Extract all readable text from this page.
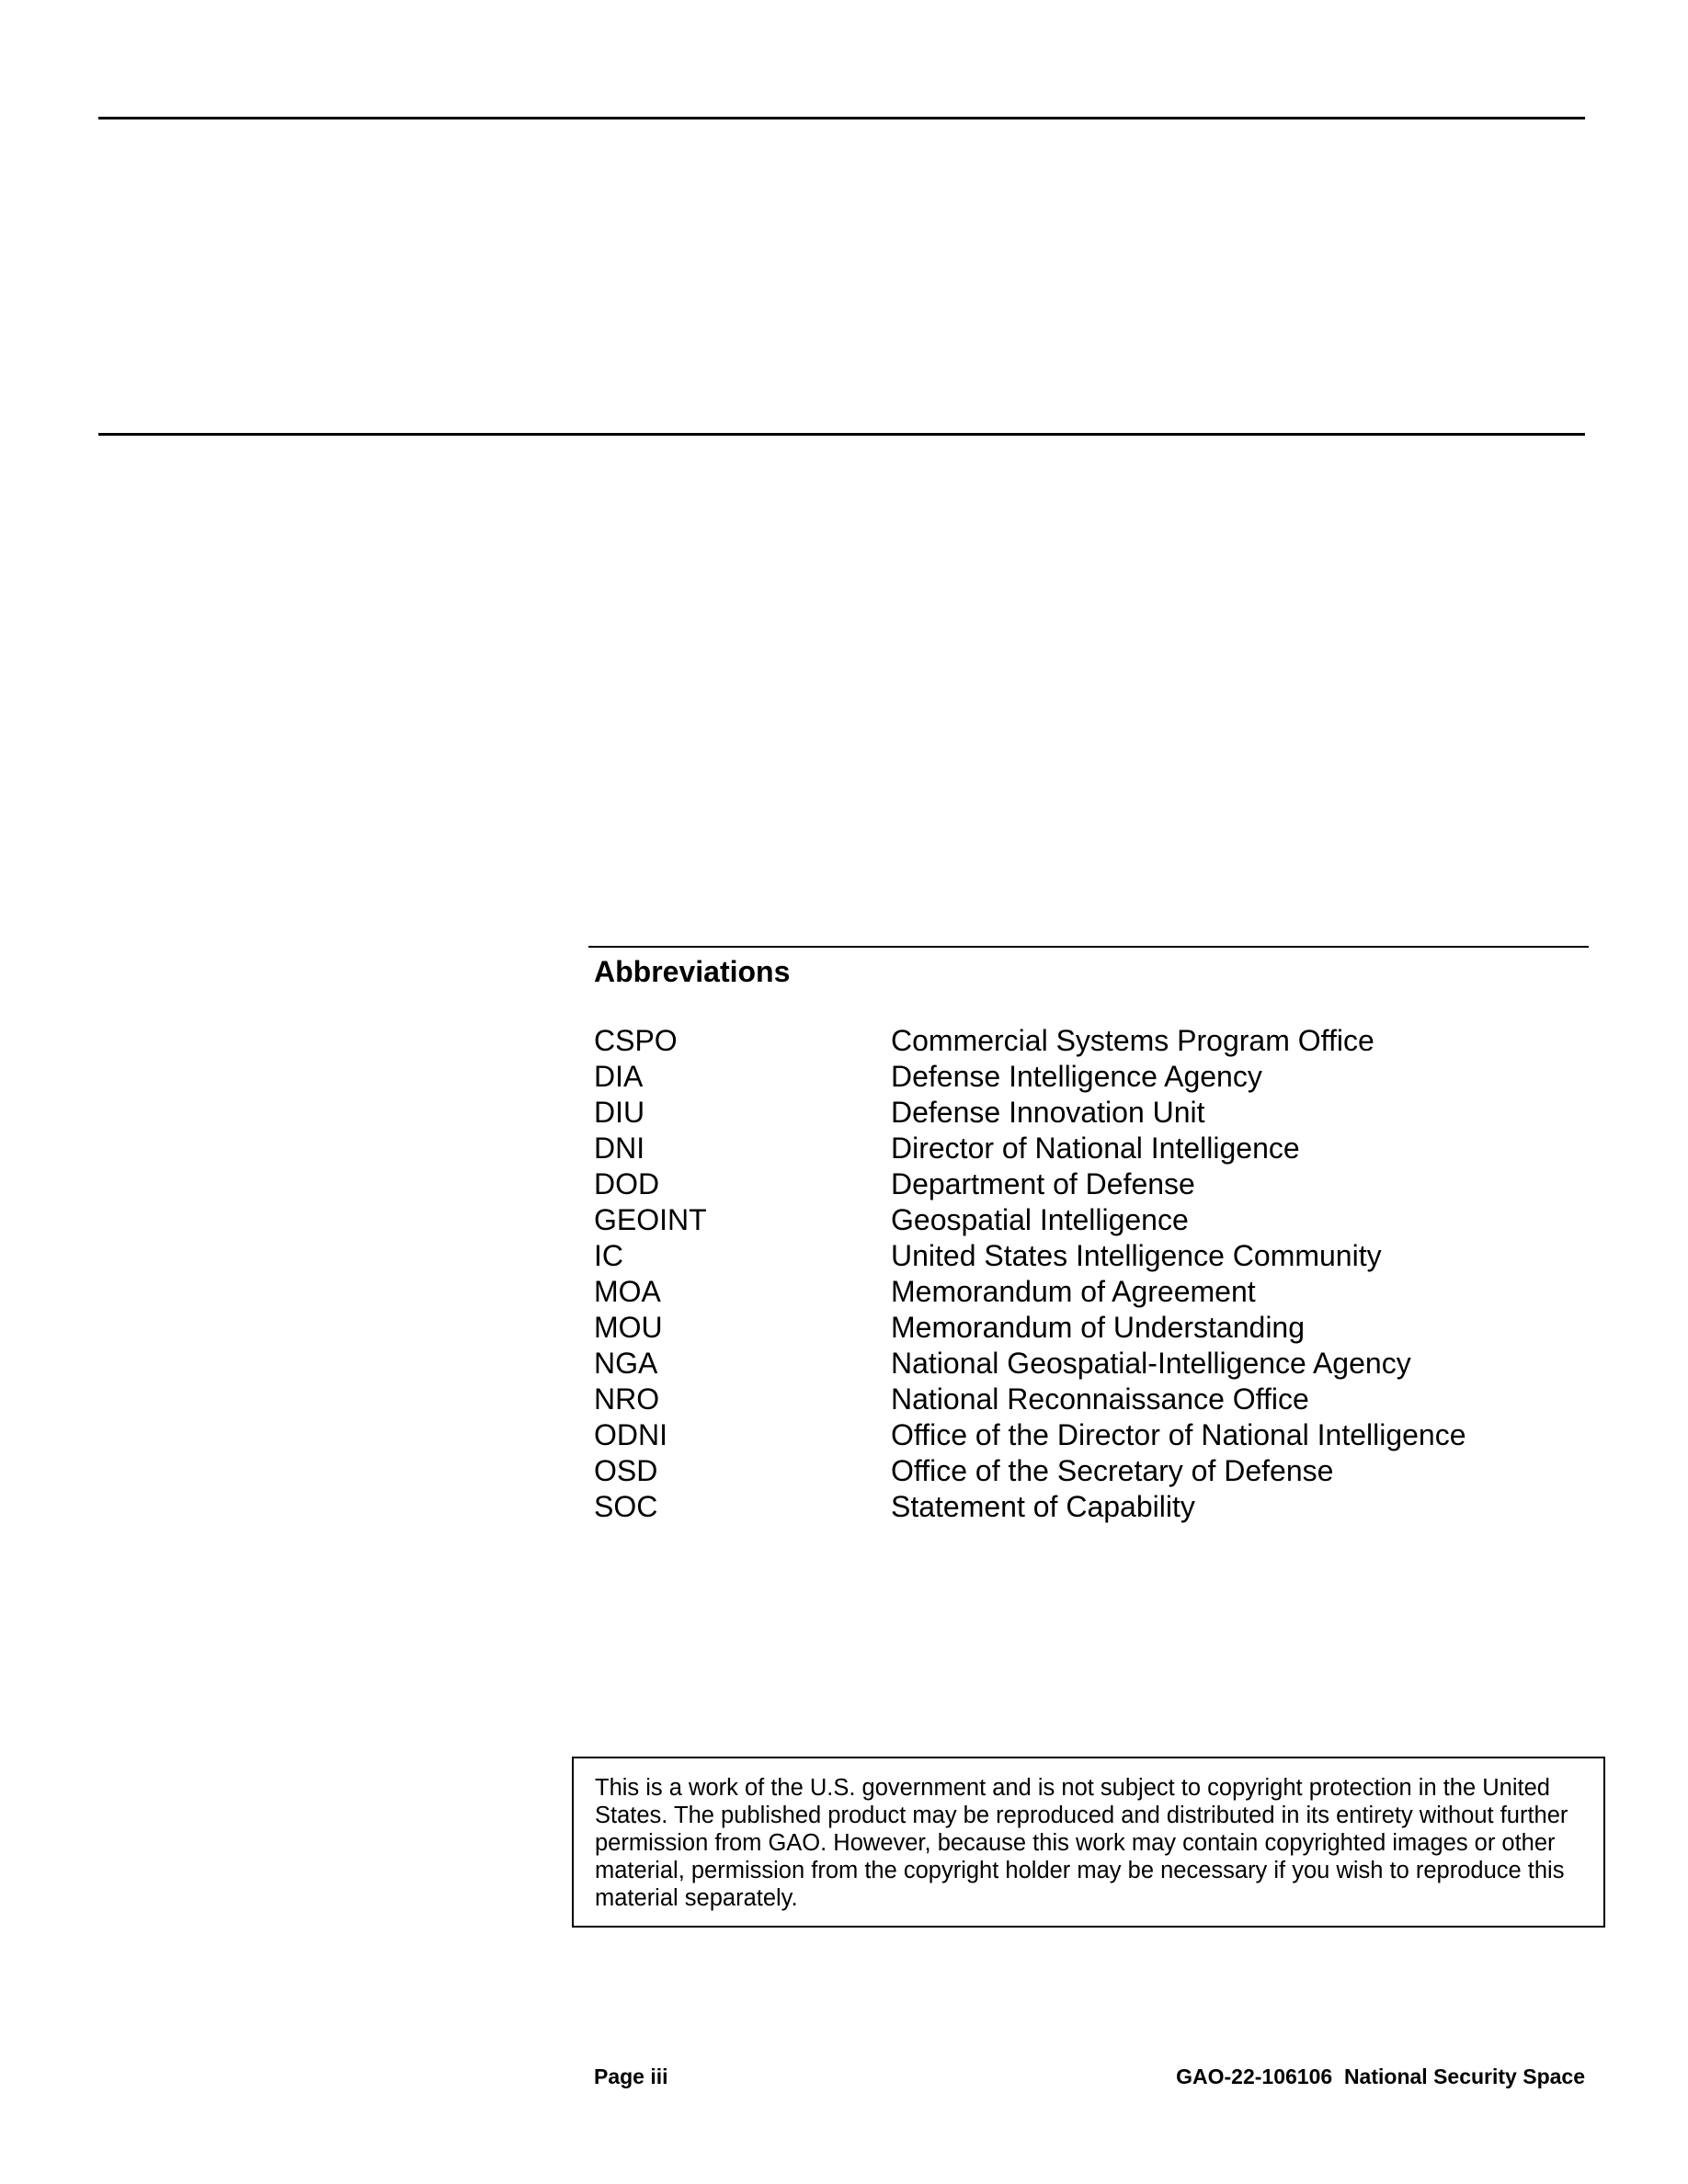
Abbreviations
CSPO	Commercial Systems Program Office
DIA	Defense Intelligence Agency
DIU	Defense Innovation Unit
DNI	Director of National Intelligence
DOD	Department of Defense
GEOINT	Geospatial Intelligence
IC	United States Intelligence Community
MOA	Memorandum of Agreement
MOU	Memorandum of Understanding
NGA	National Geospatial-Intelligence Agency
NRO	National Reconnaissance Office
ODNI	Office of the Director of National Intelligence
OSD	Office of the Secretary of Defense
SOC	Statement of Capability

This is a work of the U.S. government and is not subject to copyright protection in the United States. The published product may be reproduced and distributed in its entirety without further permission from GAO. However, because this work may contain copyrighted images or other material, permission from the copyright holder may be necessary if you wish to reproduce this material separately.

Page iii	GAO-22-106106  National Security Space
